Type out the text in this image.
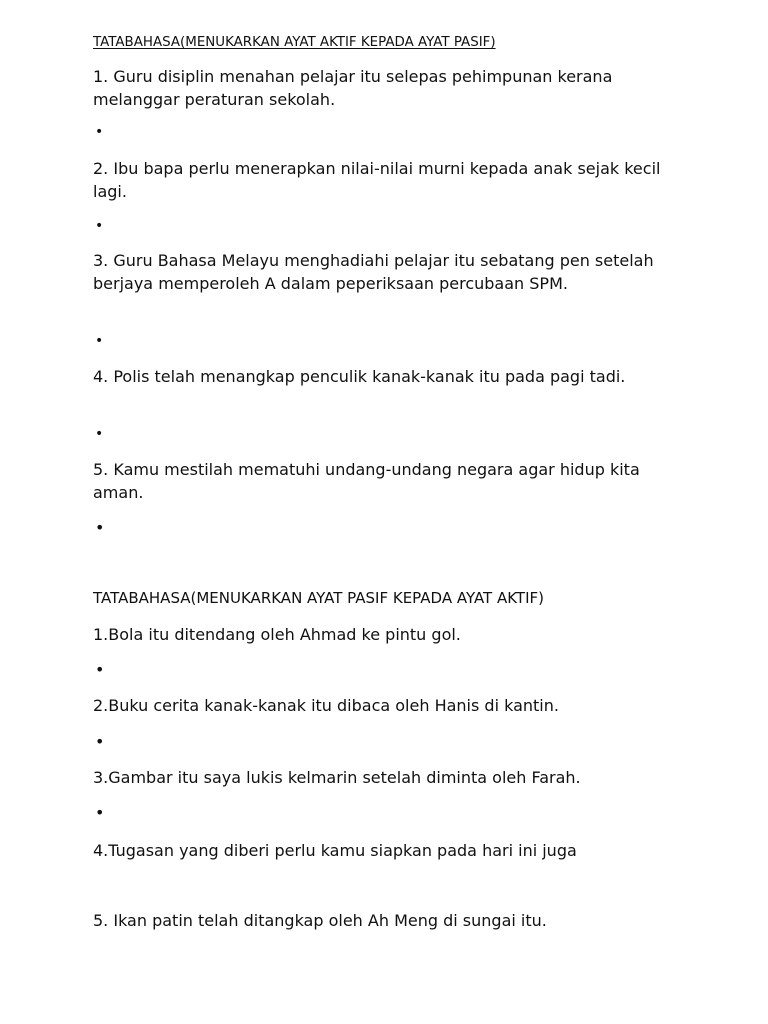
TATABAHASA(MENUKARKAN AYAT AKTIF KEPADA AYAT PASIF)
1. Guru disiplin menahan pelajar itu selepas pehimpunan kerana melanggar peraturan sekolah.
•
2. Ibu bapa perlu menerapkan nilai-nilai murni kepada anak sejak kecil lagi.
•
3. Guru Bahasa Melayu menghadiahi pelajar itu sebatang pen setelah berjaya memperoleh A dalam peperiksaan percubaan SPM.
•
4. Polis telah menangkap penculik kanak-kanak itu pada pagi tadi.
•
5. Kamu mestilah mematuhi undang-undang negara agar hidup kita aman.
•
TATABAHASA(MENUKARKAN AYAT PASIF KEPADA AYAT AKTIF)
1.Bola itu ditendang oleh Ahmad ke pintu gol.
•
2.Buku cerita kanak-kanak itu dibaca oleh Hanis di kantin.
•
3.Gambar itu saya lukis kelmarin setelah diminta oleh Farah.
•
4.Tugasan yang diberi perlu kamu siapkan pada hari ini juga
5. Ikan patin telah ditangkap oleh Ah Meng di sungai itu.
